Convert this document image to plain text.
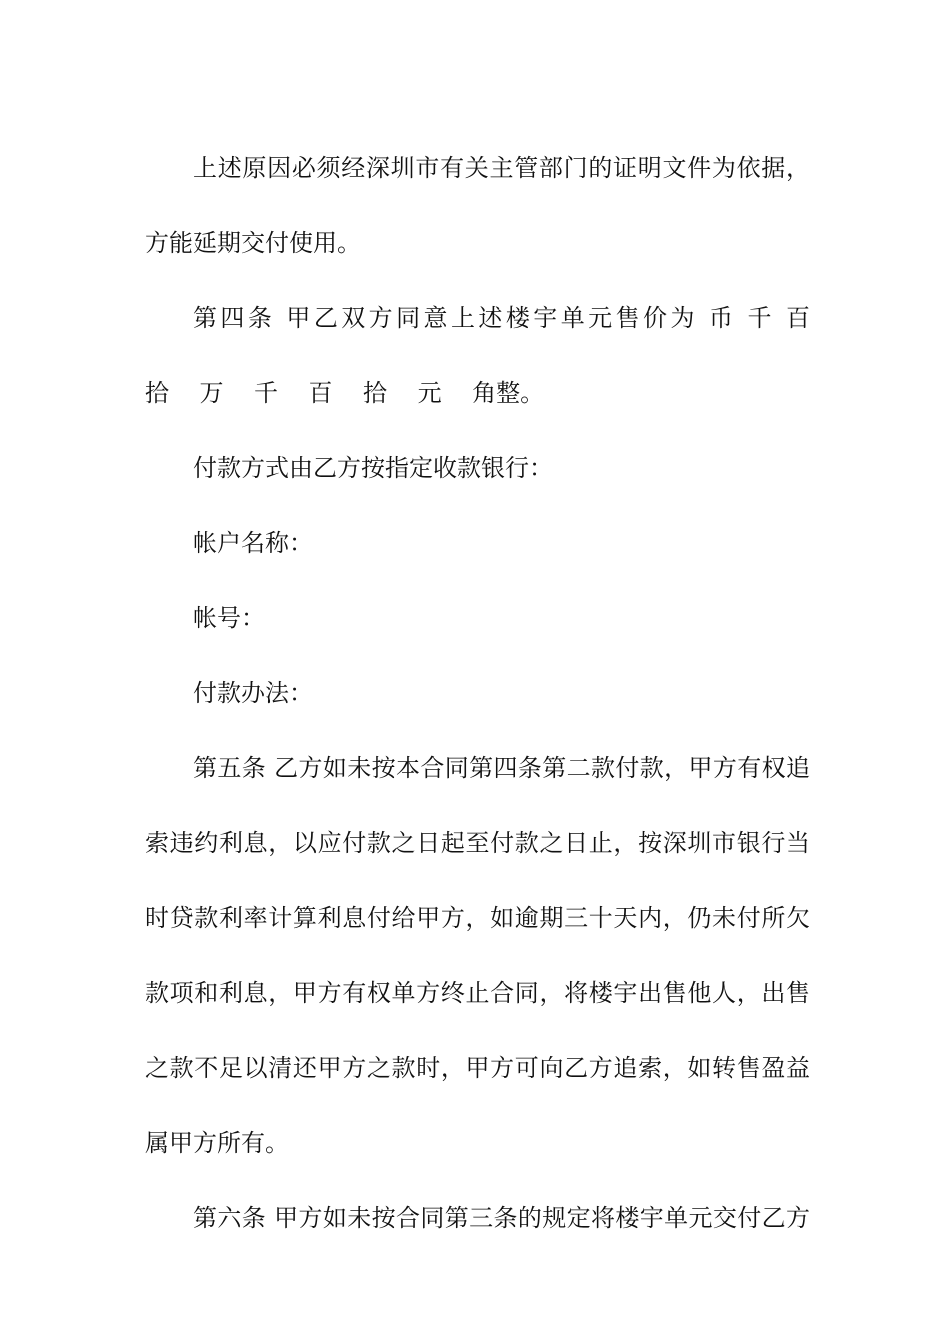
上述原因必须经深圳市有关主管部门的证明文件为依据，
方能延期交付使用。
第四条 甲乙双方同意上述楼宇单元售价为 币 千 百
拾    万    千    百    拾    元    角整。
付款方式由乙方按指定收款银行：
帐户名称：
帐号：
付款办法：
第五条 乙方如未按本合同第四条第二款付款，甲方有权追
索违约利息，以应付款之日起至付款之日止，按深圳市银行当
时贷款利率计算利息付给甲方，如逾期三十天内，仍未付所欠
款项和利息，甲方有权单方终止合同，将楼宇出售他人，出售
之款不足以清还甲方之款时，甲方可向乙方追索，如转售盈益
属甲方所有。
第六条 甲方如未按合同第三条的规定将楼宇单元交付乙方
